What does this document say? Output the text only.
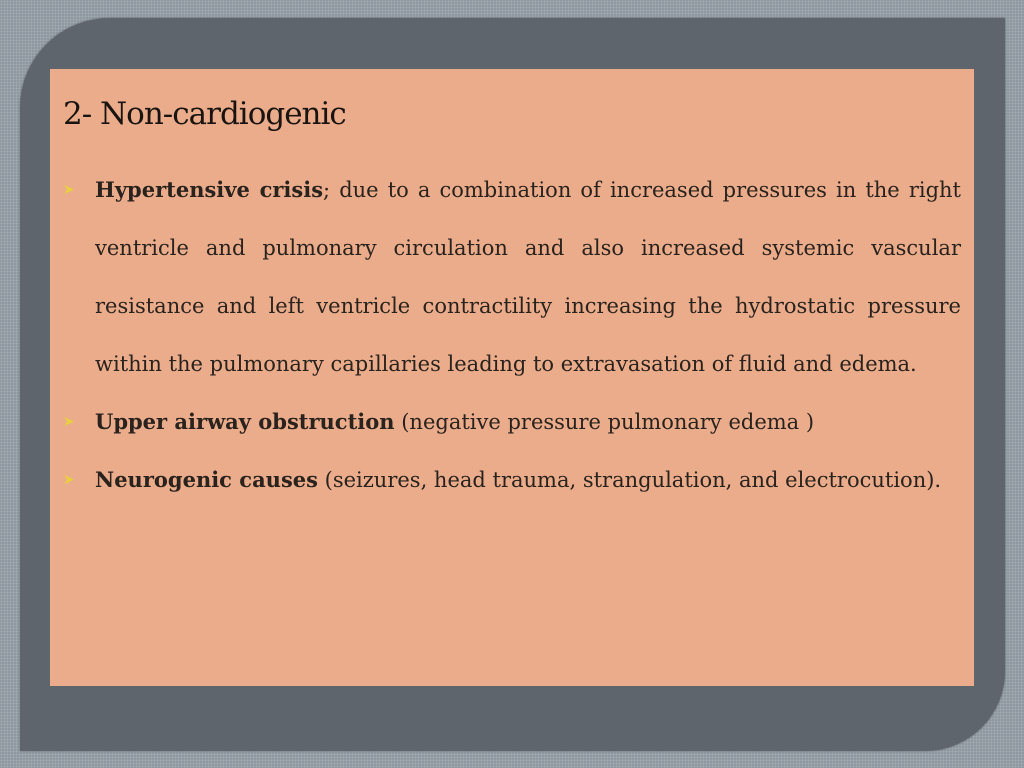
2- Non-cardiogenic
➤ Hypertensive crisis; due to a combination of increased pressures in the right ventricle and pulmonary circulation and also increased systemic vascular resistance and left ventricle contractility increasing the hydrostatic pressure within the pulmonary capillaries leading to extravasation of fluid and edema.
➤ Upper airway obstruction (negative pressure pulmonary edema )
➤ Neurogenic causes (seizures, head trauma, strangulation, and electrocution).
